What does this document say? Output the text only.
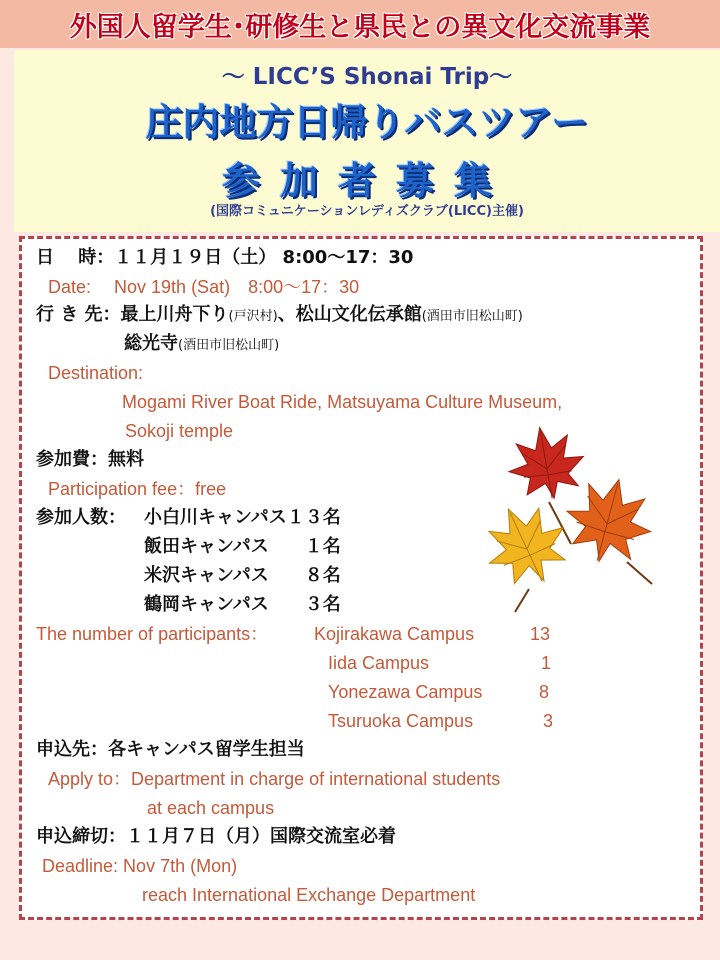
外国人留学生･研修生と県民との異文化交流事業
～ LICC’S Shonai Trip～
庄内地方日帰りバスツアー
参加者募集
(国際コミュニケーションレディズクラブ(LICC)主催)
日　 時：１１月１９日（土） 8:00～17：30
Date:　 Nov 19th (Sat)　8:00～17：30
行 き 先：最上川舟下り(戸沢村)、松山文化伝承館(酒田市旧松山町)
総光寺(酒田市旧松山町)
Destination:
Mogami River Boat Ride, Matsuyama Culture Museum,
Sokoji temple
参加費：無料
Participation fee：free
参加人数： 小白川キャンパス１３名
飯田キャンパス　　１名
米沢キャンパス　　８名
鶴岡キャンパス　　３名
The number of participants：	Kojirakawa Campus	13
Iida Campus	1
Yonezawa Campus	8
Tsuruoka Campus	3
申込先：各キャンパス留学生担当
Apply to：Department in charge of international students
at each campus
申込締切：１１月７日（月）国際交流室必着
Deadline: Nov 7th (Mon)
reach International Exchange Department
